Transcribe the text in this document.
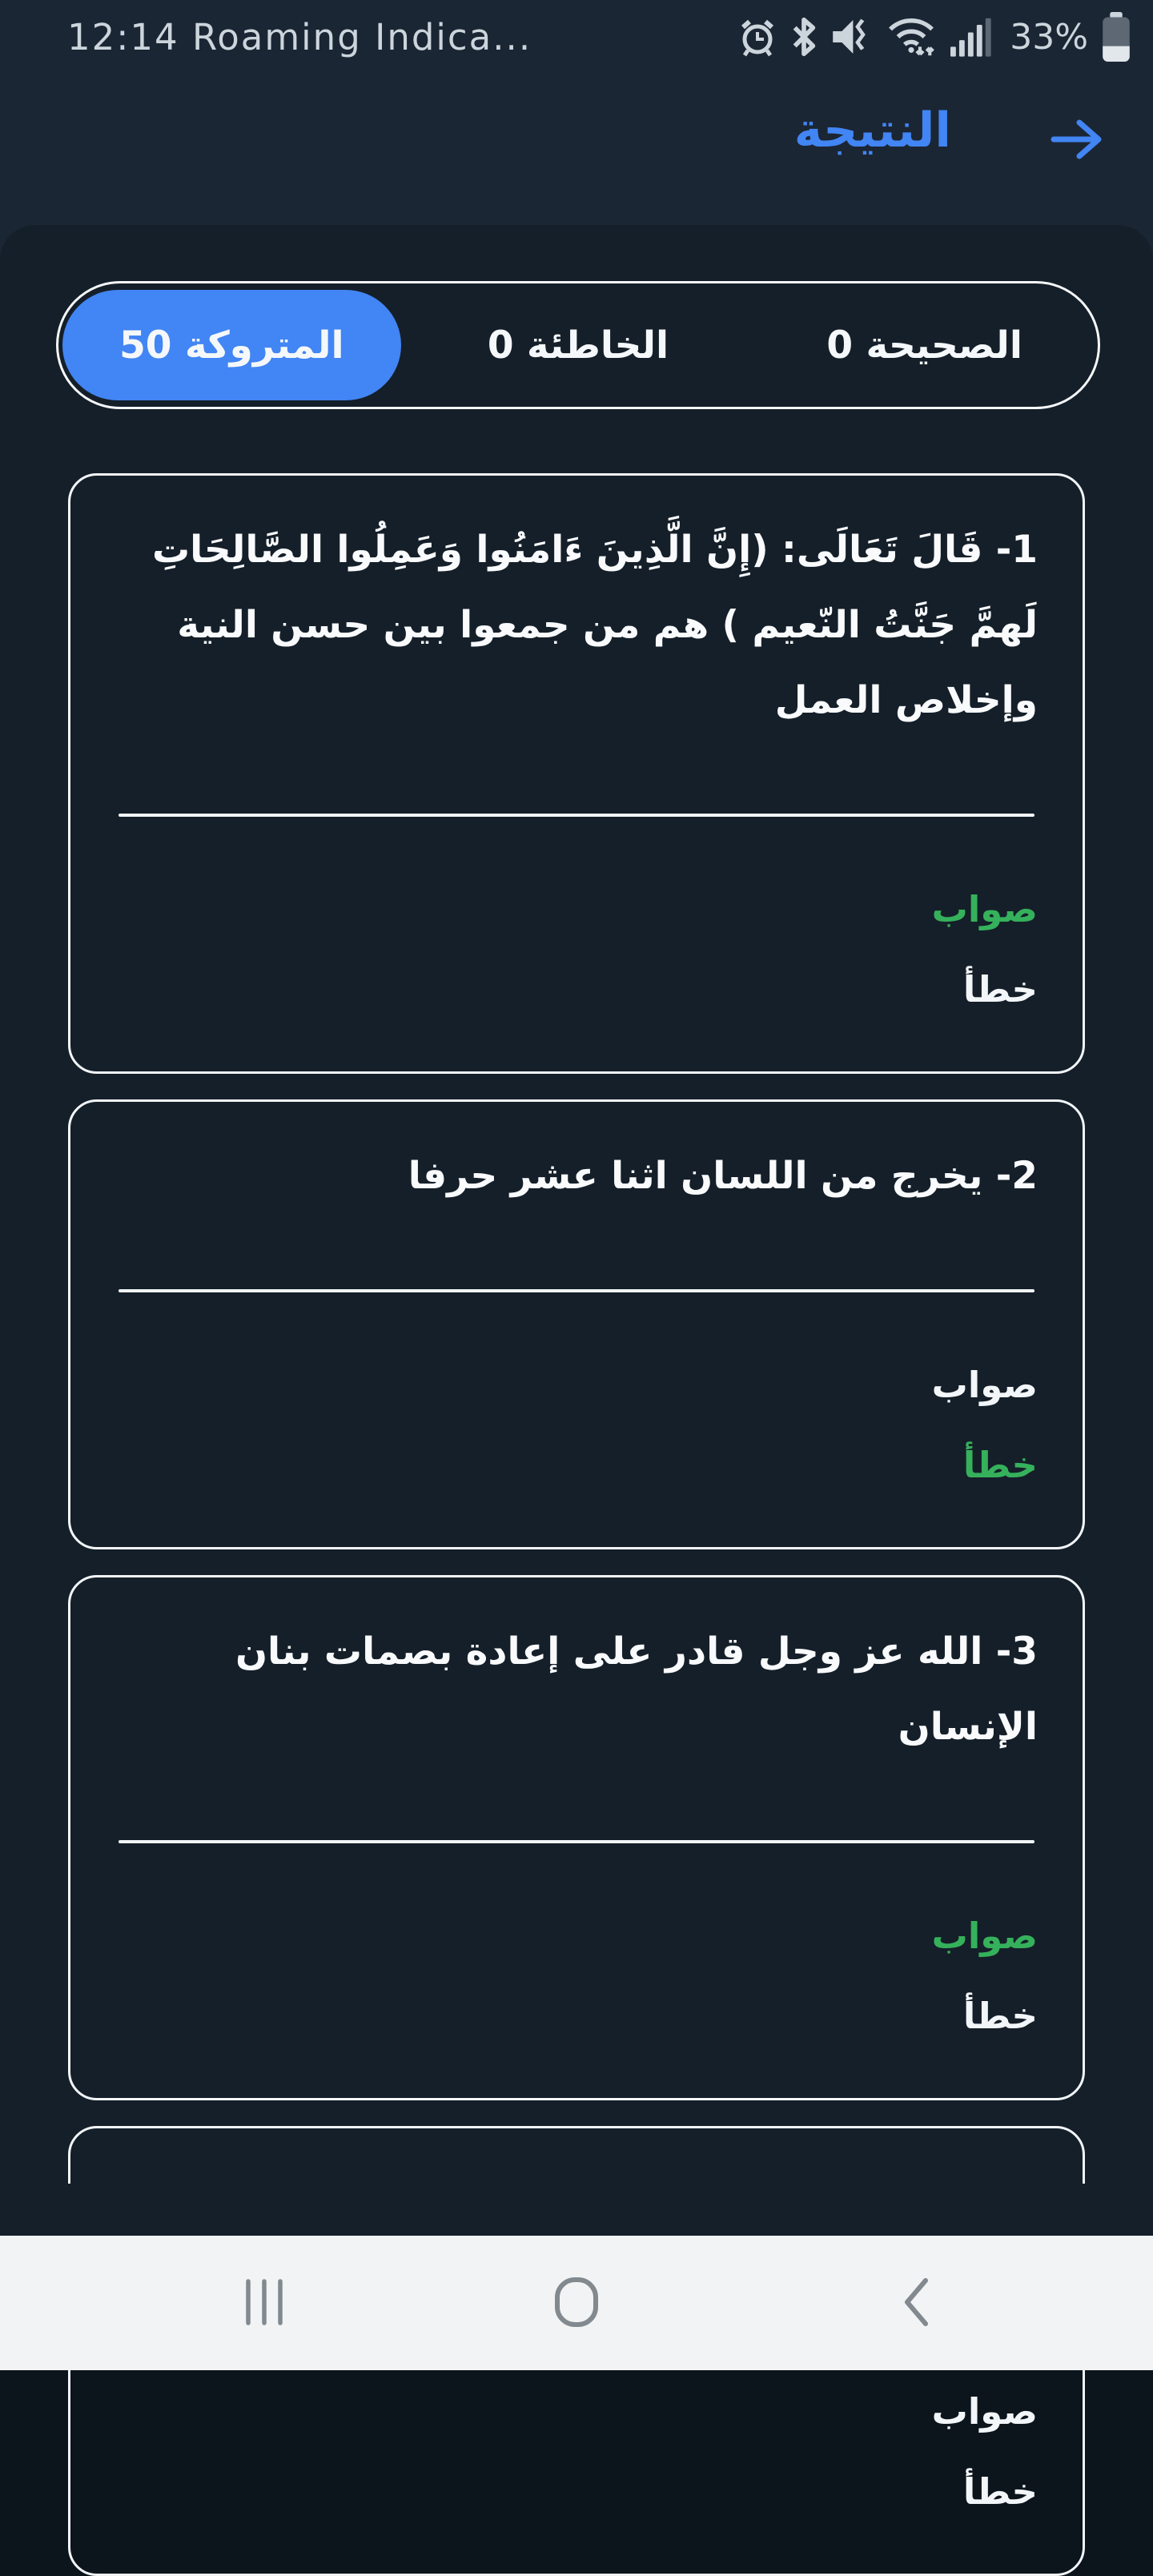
12:14 Roaming Indica...	33%
النتيجة
الصحيحة 0
الخاطئة 0
المتروكة 50

1- قَالَ تَعَالَى: (إِنَّ الَّذِينَ ءَامَنُوا وَعَمِلُوا الصَّالِحَاتِ لَهمَّ جَنَّتُ النّعيم ) هم من جمعوا بين حسن النية وإخلاص العمل

صواب
خطأ

2- يخرج من اللسان اثنا عشر حرفا

صواب
خطأ

3- الله عز وجل قادر على إعادة بصمات بنان الإنسان

صواب
خطأ

صواب
خطأ
